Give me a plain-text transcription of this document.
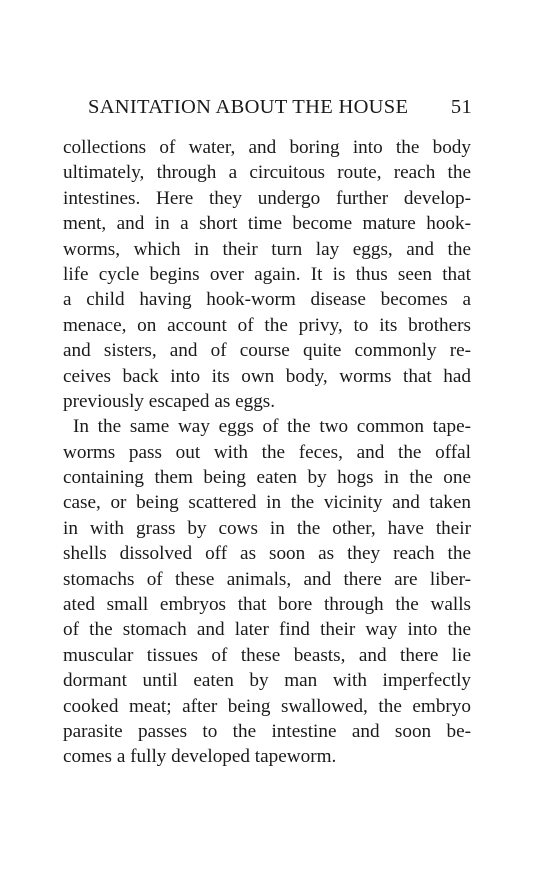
SANITATION ABOUT THE HOUSE 51
collections of water, and boring into the body
ultimately, through a circuitous route, reach the
intestines. Here they undergo further develop-
ment, and in a short time become mature hook-
worms, which in their turn lay eggs, and the
life cycle begins over again. It is thus seen that
a child having hook-worm disease becomes a
menace, on account of the privy, to its brothers
and sisters, and of course quite commonly re-
ceives back into its own body, worms that had
previously escaped as eggs.
In the same way eggs of the two common tape-
worms pass out with the feces, and the offal
containing them being eaten by hogs in the one
case, or being scattered in the vicinity and taken
in with grass by cows in the other, have their
shells dissolved off as soon as they reach the
stomachs of these animals, and there are liber-
ated small embryos that bore through the walls
of the stomach and later find their way into the
muscular tissues of these beasts, and there lie
dormant until eaten by man with imperfectly
cooked meat; after being swallowed, the embryo
parasite passes to the intestine and soon be-
comes a fully developed tapeworm.
